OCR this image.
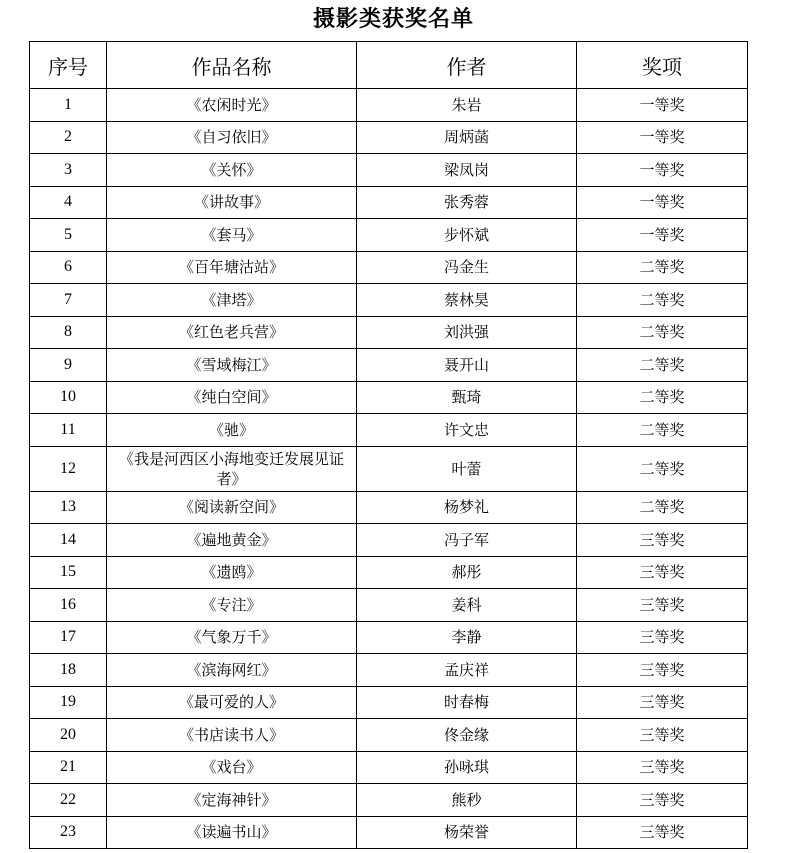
摄影类获奖名单
序号	作品名称	作者	奖项
1	《农闲时光》	朱岩	一等奖
2	《自习依旧》	周炳菡	一等奖
3	《关怀》	梁凤岗	一等奖
4	《讲故事》	张秀蓉	一等奖
5	《套马》	步怀斌	一等奖
6	《百年塘沽站》	冯金生	二等奖
7	《津塔》	蔡林昊	二等奖
8	《红色老兵营》	刘洪强	二等奖
9	《雪域梅江》	聂开山	二等奖
10	《纯白空间》	甄琦	二等奖
11	《驰》	许文忠	二等奖
12	《我是河西区小海地变迁发展见证者》	叶蕾	二等奖
13	《阅读新空间》	杨梦礼	二等奖
14	《遍地黄金》	冯子军	三等奖
15	《遗鸥》	郝彤	三等奖
16	《专注》	姜科	三等奖
17	《气象万千》	李静	三等奖
18	《滨海网红》	孟庆祥	三等奖
19	《最可爱的人》	时春梅	三等奖
20	《书店读书人》	佟金缘	三等奖
21	《戏台》	孙咏琪	三等奖
22	《定海神针》	熊秒	三等奖
23	《读遍书山》	杨荣誉	三等奖
